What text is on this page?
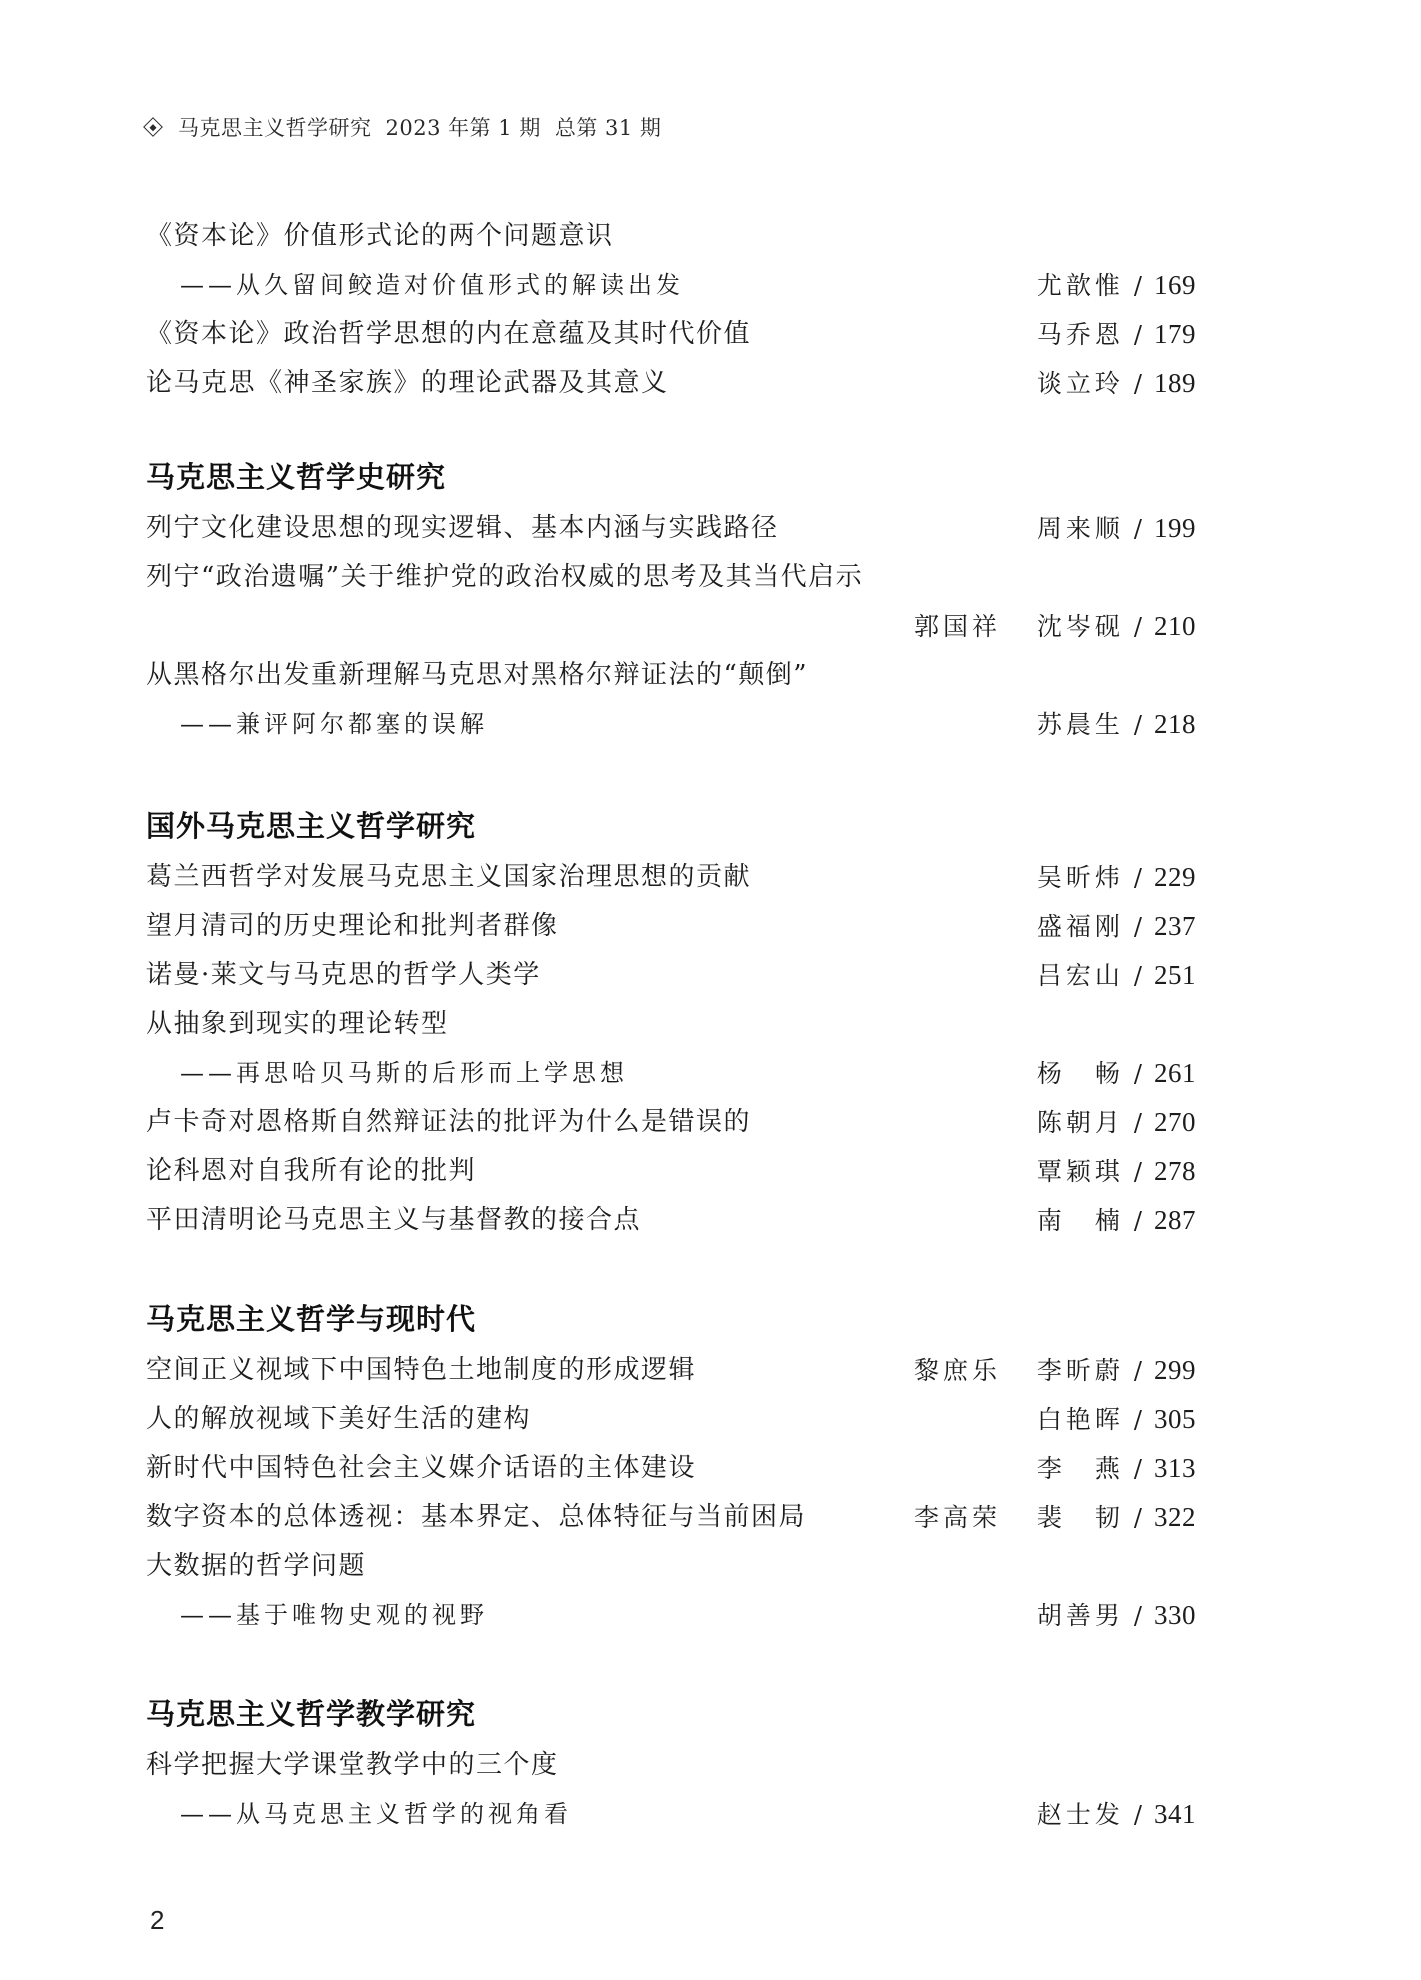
马克思主义哲学研究 2023 年第 1 期 总第 31 期
《资本论》价值形式论的两个问题意识
——从久留间鲛造对价值形式的解读出发	尤歆惟 / 169
《资本论》政治哲学思想的内在意蕴及其时代价值	马乔恩 / 179
论马克思《神圣家族》的理论武器及其意义	谈立玲 / 189
马克思主义哲学史研究
列宁文化建设思想的现实逻辑、基本内涵与实践路径	周来顺 / 199
列宁“政治遗嘱”关于维护党的政治权威的思考及其当代启示
郭国祥 沈岑砚 / 210
从黑格尔出发重新理解马克思对黑格尔辩证法的“颠倒”
——兼评阿尔都塞的误解	苏晨生 / 218
国外马克思主义哲学研究
葛兰西哲学对发展马克思主义国家治理思想的贡献	吴昕炜 / 229
望月清司的历史理论和批判者群像	盛福刚 / 237
诺曼·莱文与马克思的哲学人类学	吕宏山 / 251
从抽象到现实的理论转型
——再思哈贝马斯的后形而上学思想	杨　畅 / 261
卢卡奇对恩格斯自然辩证法的批评为什么是错误的	陈朝月 / 270
论科恩对自我所有论的批判	覃颖琪 / 278
平田清明论马克思主义与基督教的接合点	南　楠 / 287
马克思主义哲学与现时代
空间正义视域下中国特色土地制度的形成逻辑	黎庶乐 李昕蔚 / 299
人的解放视域下美好生活的建构	白艳晖 / 305
新时代中国特色社会主义媒介话语的主体建设	李　燕 / 313
数字资本的总体透视：基本界定、总体特征与当前困局	李高荣 裴　韧 / 322
大数据的哲学问题
——基于唯物史观的视野	胡善男 / 330
马克思主义哲学教学研究
科学把握大学课堂教学中的三个度
——从马克思主义哲学的视角看	赵士发 / 341
2
